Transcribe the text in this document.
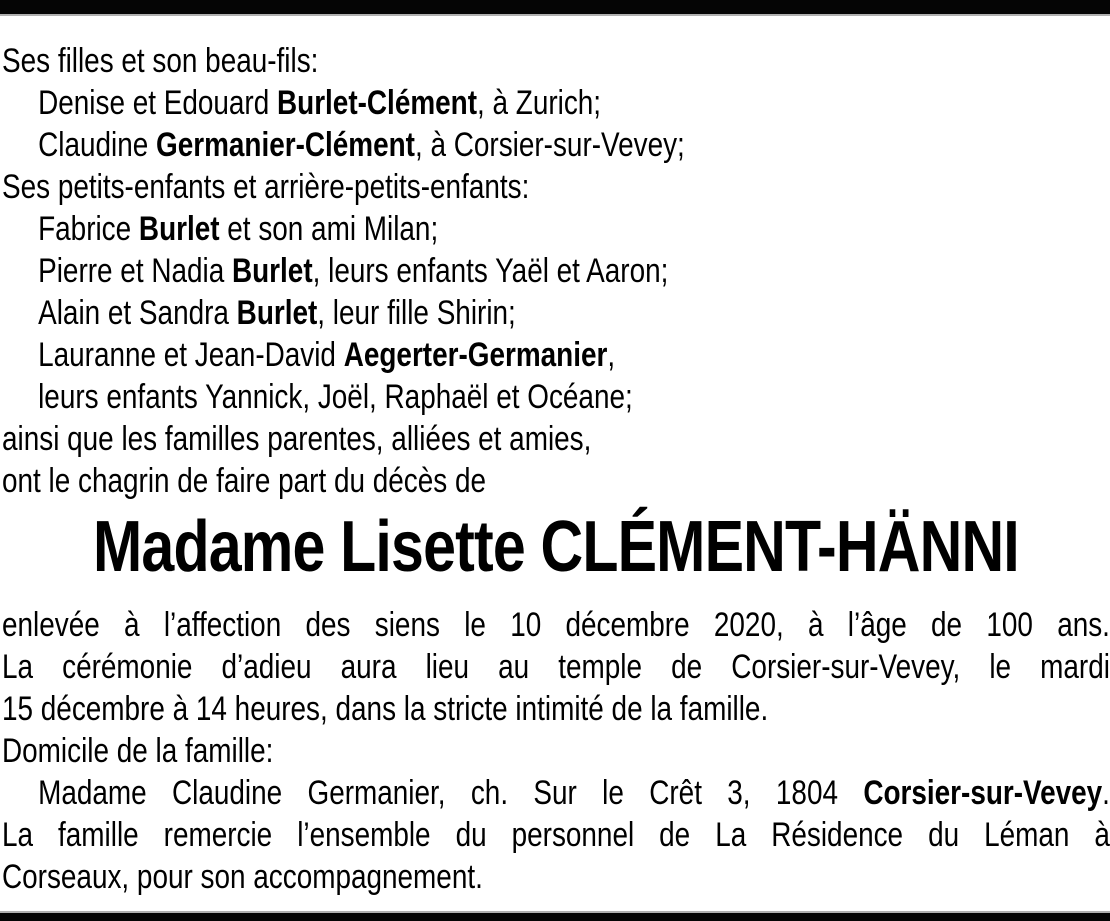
Ses filles et son beau-fils:
Denise et Edouard Burlet-Clément, à Zurich;
Claudine Germanier-Clément, à Corsier-sur-Vevey;
Ses petits-enfants et arrière-petits-enfants:
Fabrice Burlet et son ami Milan;
Pierre et Nadia Burlet, leurs enfants Yaël et Aaron;
Alain et Sandra Burlet, leur fille Shirin;
Lauranne et Jean-David Aegerter-Germanier,
leurs enfants Yannick, Joël, Raphaël et Océane;
ainsi que les familles parentes, alliées et amies,
ont le chagrin de faire part du décès de
Madame Lisette CLÉMENT-HÄNNI
enlevée à l’affection des siens le 10 décembre 2020, à l’âge de 100 ans.
La cérémonie d’adieu aura lieu au temple de Corsier-sur-Vevey, le mardi
15 décembre à 14 heures, dans la stricte intimité de la famille.
Domicile de la famille:
Madame Claudine Germanier, ch. Sur le Crêt 3, 1804 Corsier-sur-Vevey.
La famille remercie l’ensemble du personnel de La Résidence du Léman à
Corseaux, pour son accompagnement.
